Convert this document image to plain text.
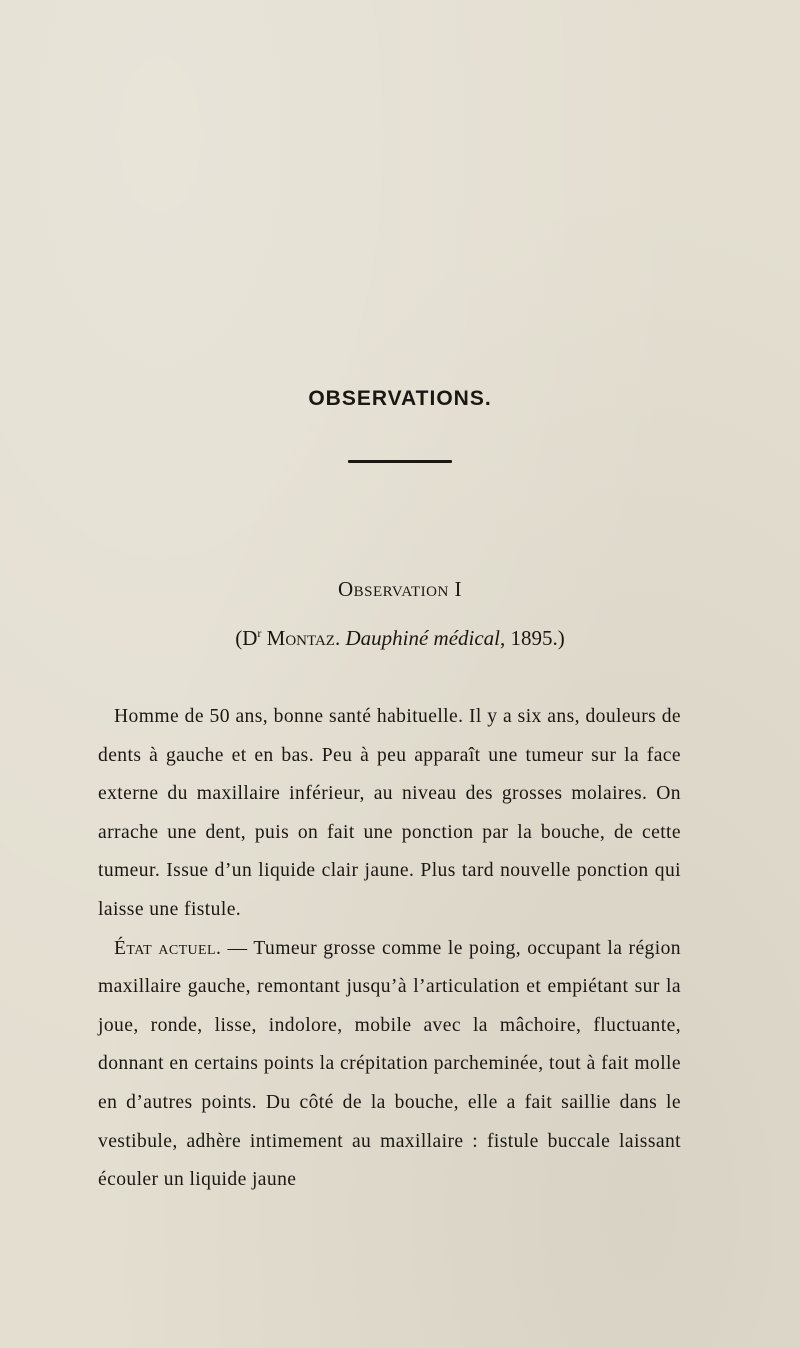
OBSERVATIONS.
Observation I
($D^r$ Montaz. Dauphiné médical, 1895.)

Homme de 50 ans, bonne santé habituelle. Il y a six ans, douleurs de dents à gauche et en bas. Peu à peu apparaît une tumeur sur la face externe du maxillaire inférieur, au niveau des grosses molaires. On arrache une dent, puis on fait une ponction par la bouche, de cette tumeur. Issue d’un liquide clair jaune. Plus tard nouvelle ponction qui laisse une fistule.

État actuel. — Tumeur grosse comme le poing, occupant la région maxillaire gauche, remontant jusqu’à l’articulation et empiétant sur la joue, ronde, lisse, indolore, mobile avec la mâchoire, fluctuante, donnant en certains points la crépitation parcheminée, tout à fait molle en d’autres points. Du côté de la bouche, elle a fait saillie dans le vestibule, adhère intimement au maxillaire : fistule buccale laissant écouler un liquide jaune
